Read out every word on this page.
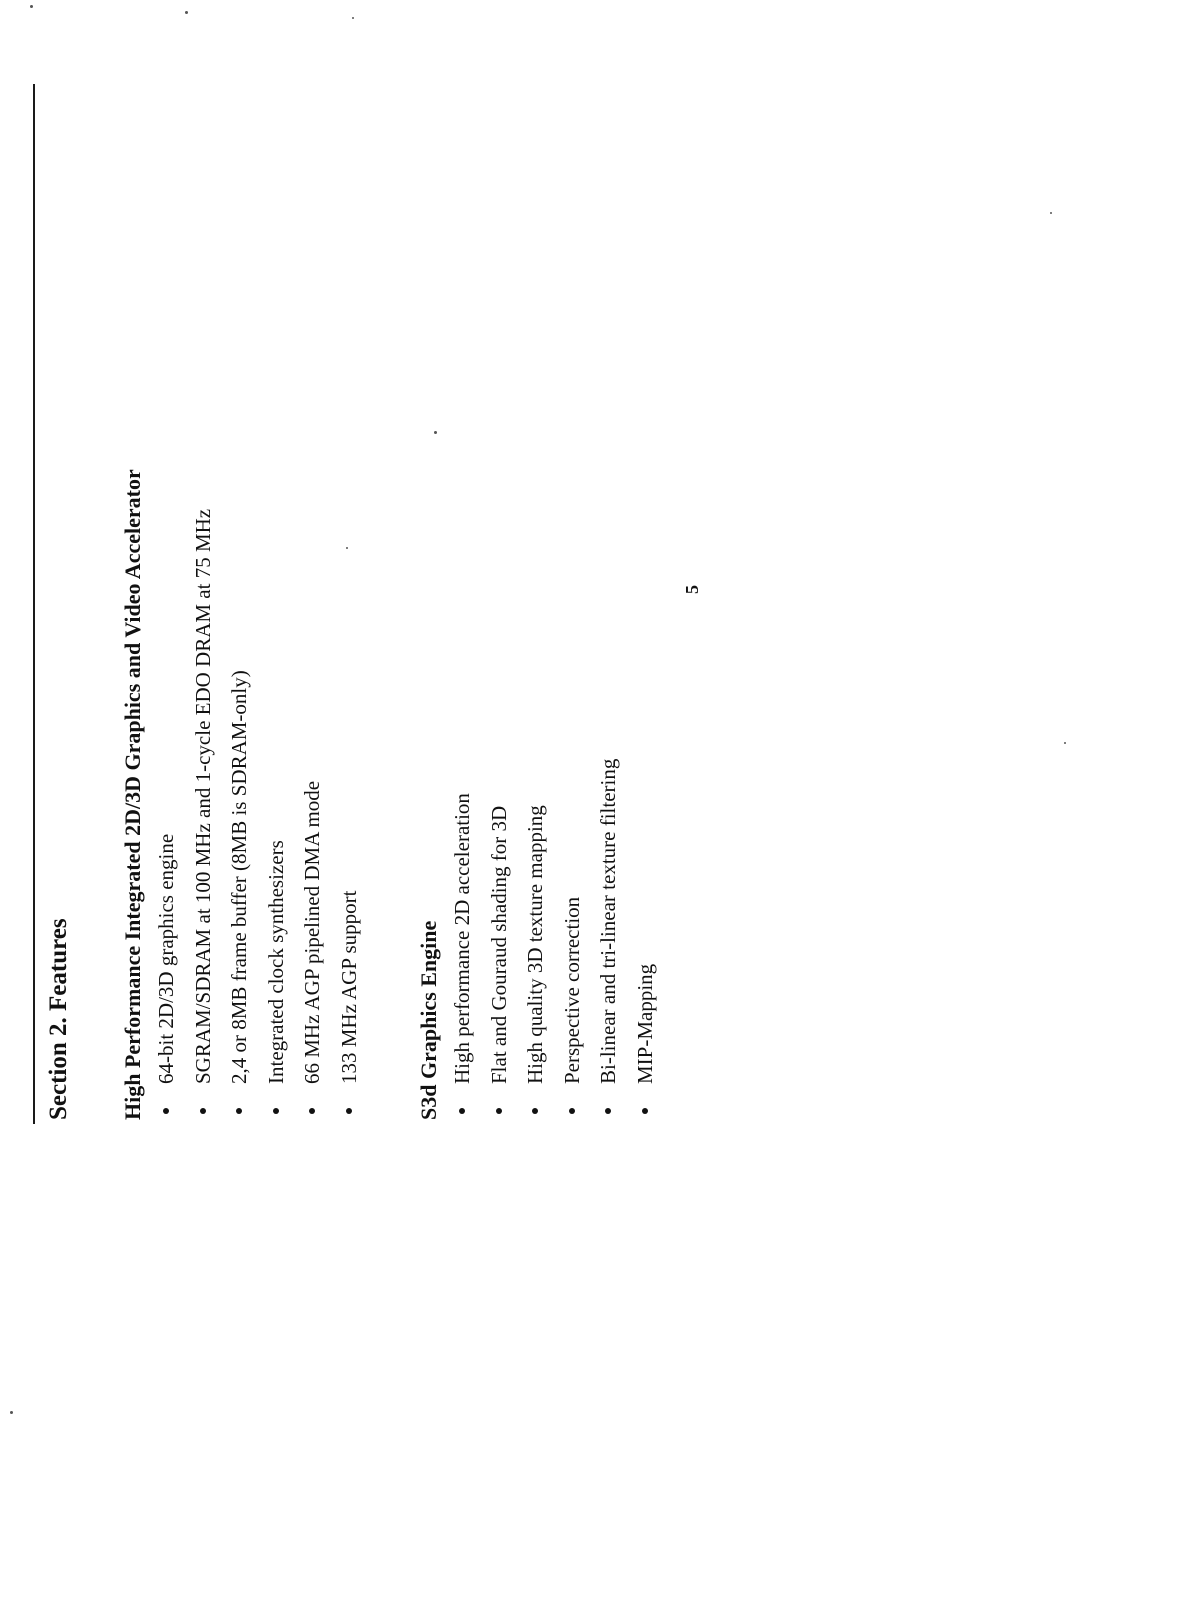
Section 2. Features High Performance Integrated 2D/3D Graphics and Video Accelerator 64-bit 2D/3D graphics engine SGRAM/SDRAM at 100 MHz and 1-cycle EDO DRAM at 75 MHz 2,4 or 8MB frame buffer (8MB is SDRAM-only) Integrated clock synthesizers 66 MHz AGP pipelined DMA mode 133 MHz AGP support	S3d Graphics Engine High performance 2D acceleration Flat and Gouraud shading for 3D High quality 3D texture mapping Perspective correction Bi-linear and tri-linear texture filtering MIP-Mapping
5
